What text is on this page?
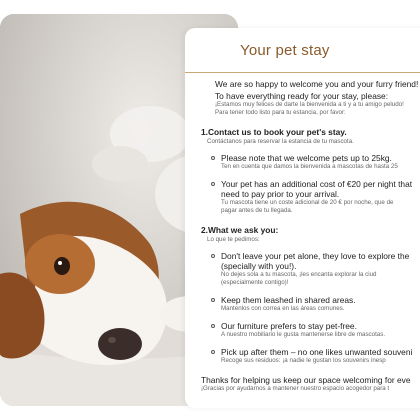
Your pet stay
We are so happy to welcome you and your furry friend!
To have everything ready for your stay, please:
¡Estamos muy felices de darte la bienvenida a ti y a tu amigo peludo!
Para tener todo listo para tu estancia, por favor:
1.Contact us to book your pet's stay.
Contáctanos para reservar la estancia de tu mascota.
Please note that we welcome pets up to 25kg.
Ten en cuenta que damos la bienvenida a mascotas de hasta 25
Your pet has an additional cost of €20 per night that
need to pay prior to your arrival.
Tu mascota tiene un coste adicional de 20 € por noche, que de
pagar antes de tu llegada.
2.What we ask you:
Lo que te pedimos:
Don't leave your pet alone, they love to explore the
(specially with you!).
No dejes sola a tu mascota, ¡les encanta explorar la ciud
(especialmente contigo)!
Keep them leashed in shared areas.
Mantenlos con correa en las áreas comunes.
Our furniture prefers to stay pet-free.
A nuestro mobiliario le gusta mantenerse libre de mascotas.
Pick up after them – no one likes unwanted souveni
Recoge sus residuos: ¡a nadie le gustan los souvenirs inesp
Thanks for helping us keep our space welcoming for eve
¡Gracias por ayudarnos a mantener nuestro espacio acogedor para t
